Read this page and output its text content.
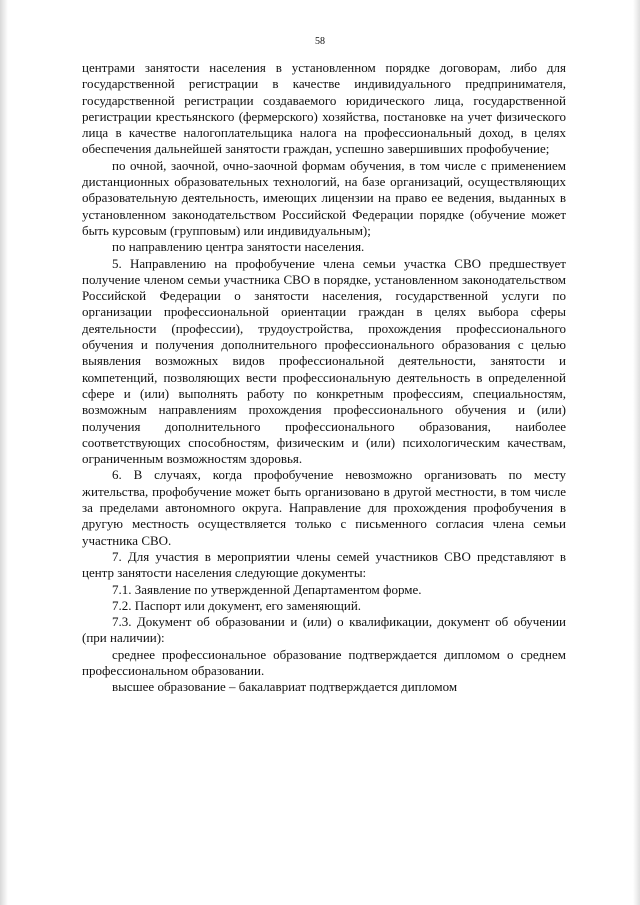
58

центрами занятости населения в установленном порядке договорам, либо для государственной регистрации в качестве индивидуального предпринимателя, государственной регистрации создаваемого юридического лица, государственной регистрации крестьянского (фермерского) хозяйства, постановке на учет физического лица в качестве налогоплательщика налога на профессиональный доход, в целях обеспечения дальнейшей занятости граждан, успешно завершивших профобучение;

по очной, заочной, очно-заочной формам обучения, в том числе с применением дистанционных образовательных технологий, на базе организаций, осуществляющих образовательную деятельность, имеющих лицензии на право ее ведения, выданных в установленном законодательством Российской Федерации порядке (обучение может быть курсовым (групповым) или индивидуальным);

по направлению центра занятости населения.

5. Направлению на профобучение члена семьи участка СВО предшествует получение членом семьи участника СВО в порядке, установленном законодательством Российской Федерации о занятости населения, государственной услуги по организации профессиональной ориентации граждан в целях выбора сферы деятельности (профессии), трудоустройства, прохождения профессионального обучения и получения дополнительного профессионального образования с целью выявления возможных видов профессиональной деятельности, занятости и компетенций, позволяющих вести профессиональную деятельность в определенной сфере и (или) выполнять работу по конкретным профессиям, специальностям, возможным направлениям прохождения профессионального обучения и (или) получения дополнительного профессионального образования, наиболее соответствующих способностям, физическим и (или) психологическим качествам, ограниченным возможностям здоровья.

6. В случаях, когда профобучение невозможно организовать по месту жительства, профобучение может быть организовано в другой местности, в том числе за пределами автономного округа. Направление для прохождения профобучения в другую местность осуществляется только с письменного согласия члена семьи участника СВО.

7. Для участия в мероприятии члены семей участников СВО представляют в центр занятости населения следующие документы:

7.1. Заявление по утвержденной Департаментом форме.

7.2. Паспорт или документ, его заменяющий.

7.3. Документ об образовании и (или) о квалификации, документ об обучении (при наличии):

среднее профессиональное образование подтверждается дипломом о среднем профессиональном образовании.

высшее образование – бакалавриат подтверждается дипломом
